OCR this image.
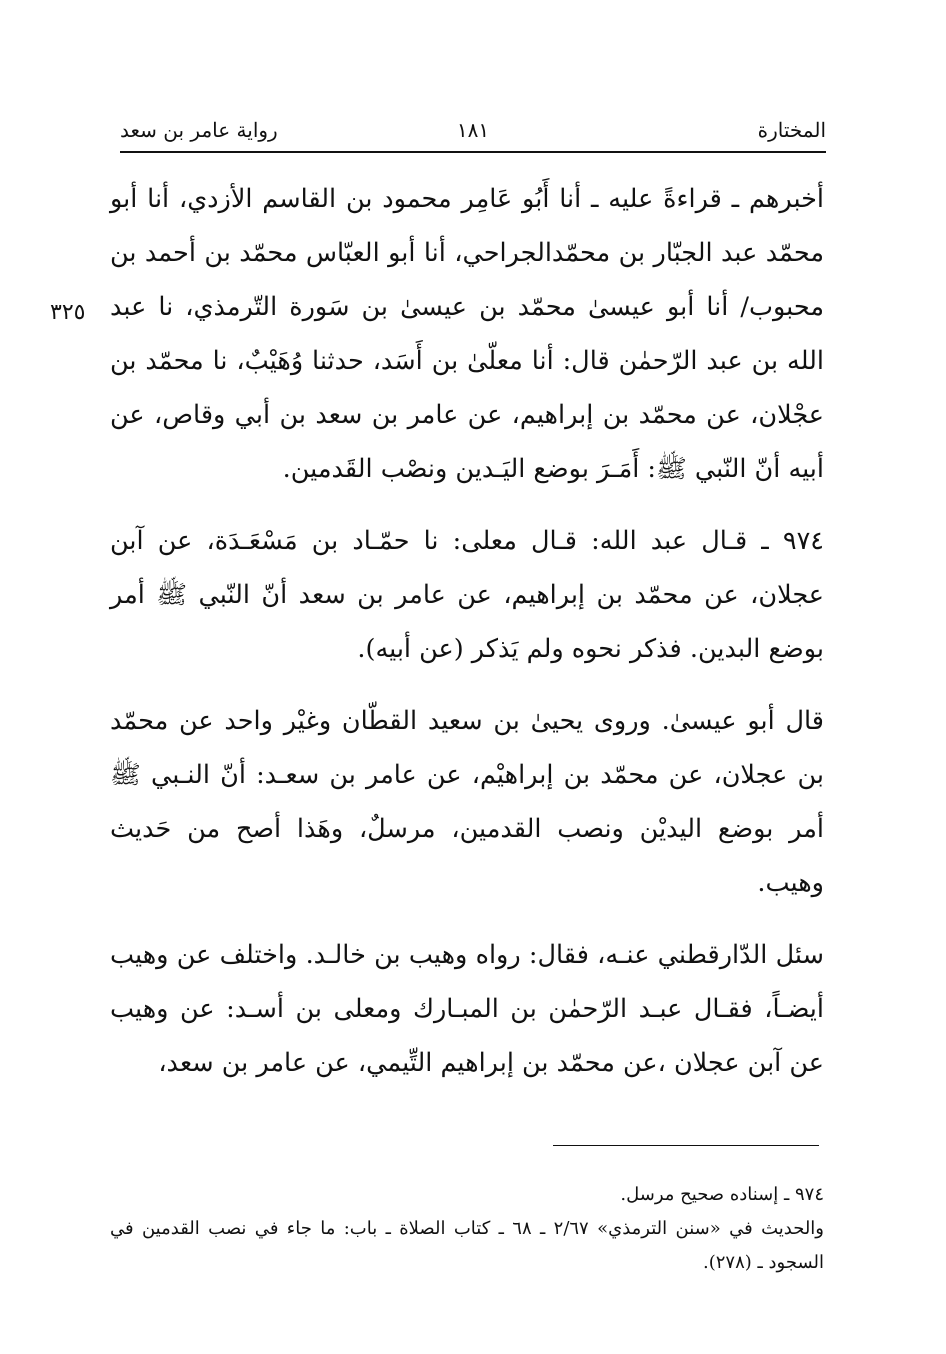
المختارة
١٨١
رواية عامر بن سعد
٣٢٥

أخبرهم ـ قراءةً عليه ـ أنا أَبُو عَامِر محمود بن القاسم الأزدي، أنا أبو محمّد عبد الجبّار بن محمّدالجراحي، أنا أبو العبّاس محمّد بن أحمد بن محبوب/ أنا أبو عيسىٰ محمّد بن عيسىٰ بن سَورة التّرمذي، نا عبد الله بن عبد الرّحمٰن قال: أنا معلّىٰ بن أَسَد، حدثنا وُهَيْبٌ، نا محمّد بن عجْلان، عن محمّد بن إبراهيم، عن عامر بن سعد بن أبي وقاص، عن أبيه أنّ النّبي ﷺ: أَمَـرَ بوضع اليَـدين ونصْب القَدمين.

٩٧٤ ـ قـال عبد الله: قـال معلى: نا حمّـاد بن مَسْعَـدَة، عن آبن عجلان، عن محمّد بن إبراهيم، عن عامر بن سعد أنّ النّبي ﷺ أمر بوضع البدين. فذكر نحوه ولم يَذكر (عن أبيه).

قال أبو عيسىٰ. وروى يحيىٰ بن سعيد القطّان وغيْر واحد عن محمّد بن عجلان، عن محمّد بن إبراهيْم، عن عامر بن سعـد: أنّ النـبي ﷺ أمر بوضع اليديْن ونصب القدمين، مرسلٌ، وهَذا أصح من حَديث وهيب.

سئل الدّارقطني عنـه، فقال: رواه وهيب بن خالـد. واختلف عن وهيب أيضـاً، فقـال عبـد الرّحمٰن بن المبـارك ومعلى بن أسـد: عن وهيب عن آبن عجلان ،عن محمّد بن إبراهيم التِّيمي، عن عامر بن سعد،

٩٧٤ ـ إسناده صحيح مرسل.

والحديث في «سنن الترمذي» ٢/٦٧ ـ ٦٨ ـ كتاب الصلاة ـ باب: ما جاء في نصب القدمين في السجود ـ (٢٧٨).
